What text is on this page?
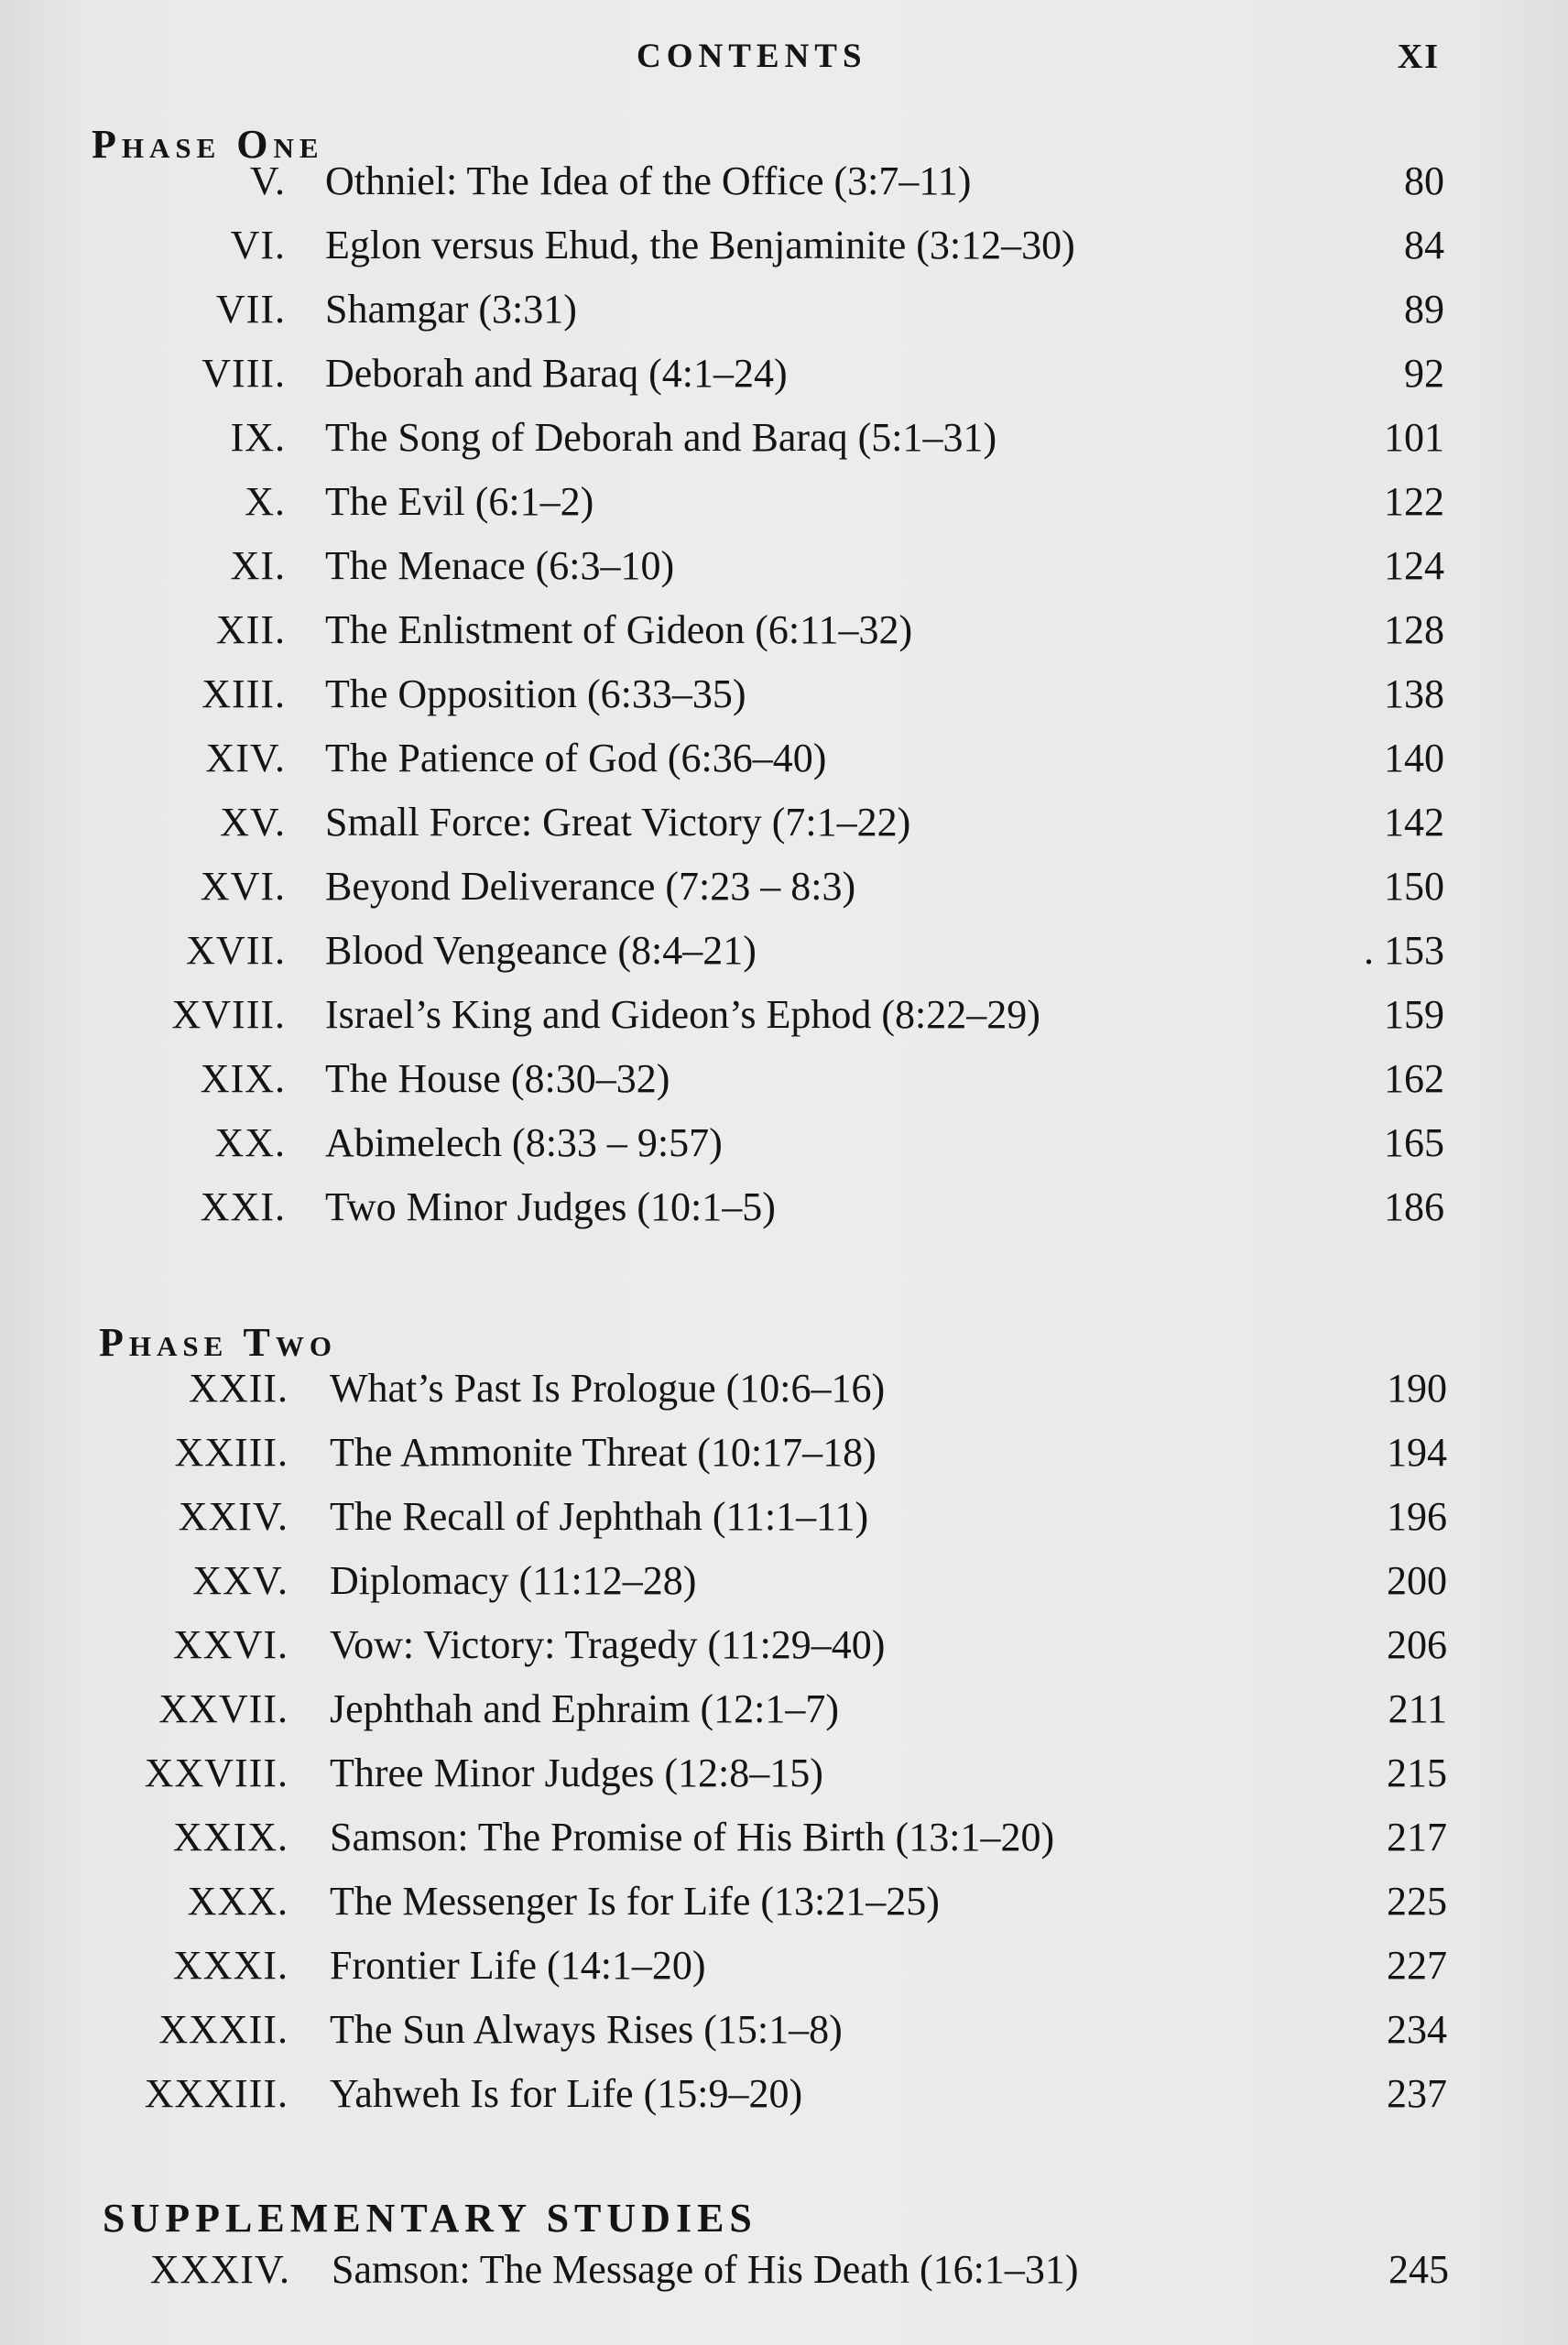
CONTENTS	XI
Phase One
V. Othniel: The Idea of the Office (3:7–11)	80
VI. Eglon versus Ehud, the Benjaminite (3:12–30)	84
VII. Shamgar (3:31)	89
VIII. Deborah and Baraq (4:1–24)	92
IX. The Song of Deborah and Baraq (5:1–31)	101
X. The Evil (6:1–2)	122
XI. The Menace (6:3–10)	124
XII. The Enlistment of Gideon (6:11–32)	128
XIII. The Opposition (6:33–35)	138
XIV. The Patience of God (6:36–40)	140
XV. Small Force: Great Victory (7:1–22)	142
XVI. Beyond Deliverance (7:23 – 8:3)	150
XVII. Blood Vengeance (8:4–21)	. 153
XVIII. Israel’s King and Gideon’s Ephod (8:22–29)	159
XIX. The House (8:30–32)	162
XX. Abimelech (8:33 – 9:57)	165
XXI. Two Minor Judges (10:1–5)	186
Phase Two
XXII. What’s Past Is Prologue (10:6–16)	190
XXIII. The Ammonite Threat (10:17–18)	194
XXIV. The Recall of Jephthah (11:1–11)	196
XXV. Diplomacy (11:12–28)	200
XXVI. Vow: Victory: Tragedy (11:29–40)	206
XXVII. Jephthah and Ephraim (12:1–7)	211
XXVIII. Three Minor Judges (12:8–15)	215
XXIX. Samson: The Promise of His Birth (13:1–20)	217
XXX. The Messenger Is for Life (13:21–25)	225
XXXI. Frontier Life (14:1–20)	227
XXXII. The Sun Always Rises (15:1–8)	234
XXXIII. Yahweh Is for Life (15:9–20)	237
SUPPLEMENTARY STUDIES
XXXIV. Samson: The Message of His Death (16:1–31)	245
